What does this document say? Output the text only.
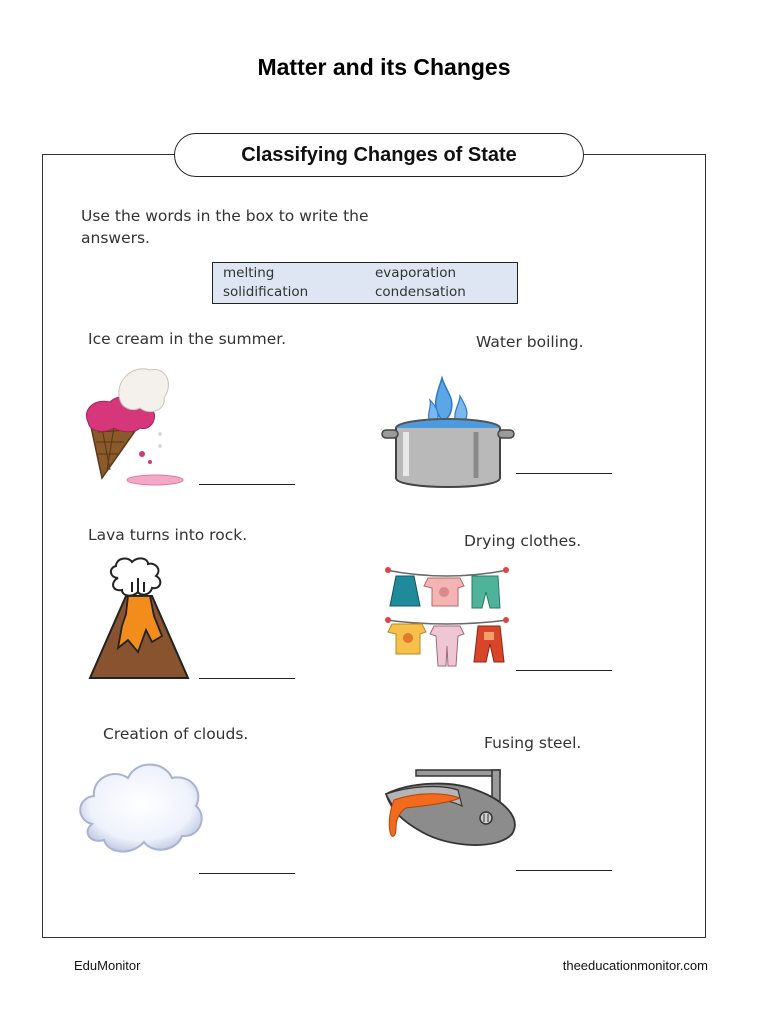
Matter and its Changes
Classifying Changes of State
Use the words in the box to write the answers.
melting	evaporation
solidification	condensation
Ice cream in the summer.	Water boiling.
Lava turns into rock.	Drying clothes.
Creation of clouds.	Fusing steel.
EduMonitor	theeducationmonitor.com
